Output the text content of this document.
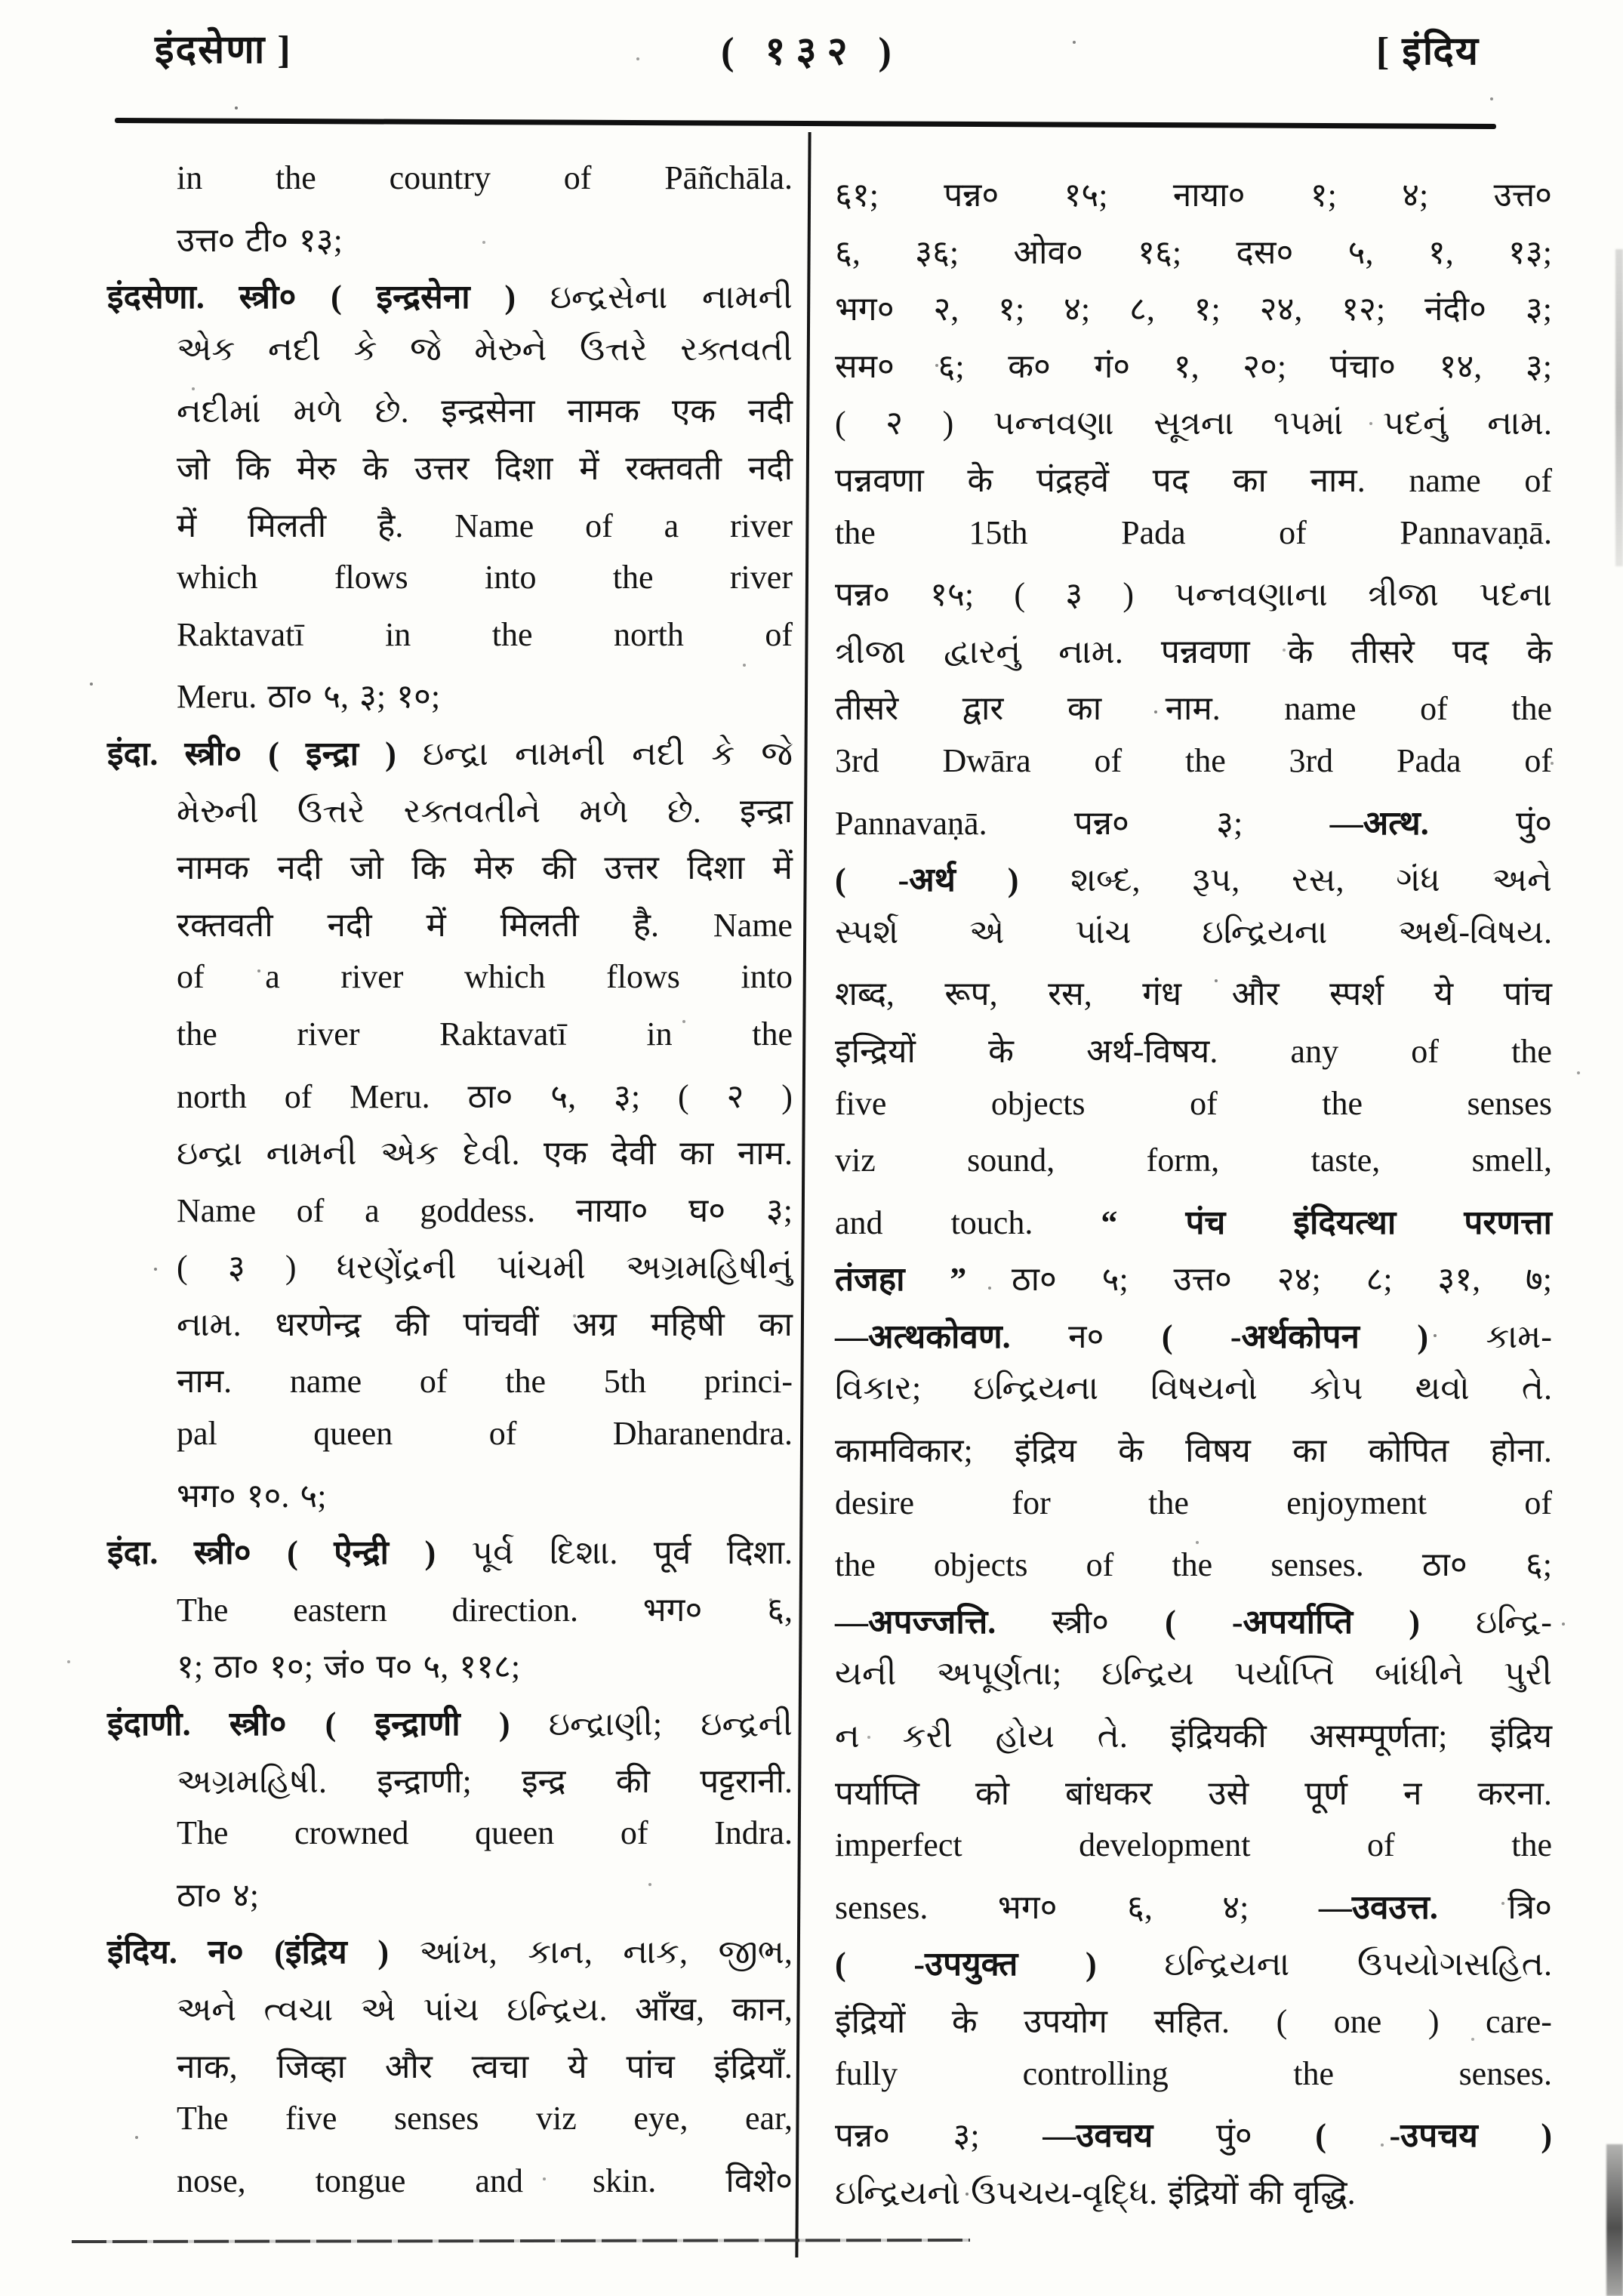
इंदसेणा ]	( १३२ )	[ इंदिय
in the country of Pāñchāla.
उत्त० टी० १३;
इंदसेणा. स्त्री० ( इन्द्रसेना ) ઇન્દ્રસેના નામની
એક નદી કે જે મેરુને ઉત્તરે રક્તવતી
નદીમાં મળે છે. इन्द्रसेना नामक एक नदी
जो कि मेरु के उत्तर दिशा में रक्तवती नदी
में मिलती है. Name of a river
which flows into the river
Raktavatī in the north of
Meru. ठा० ५, ३; १०;
इंदा. स्त्री० ( इन्द्रा ) ઇન્દ્રા નામની નદી કે જે
મેરુની ઉત્તરે રક્તવતીને મળે છે. इन्द्रा
नामक नदी जो कि मेरु की उत्तर दिशा में
रक्तवती नदी में मिलती है. Name
of a river which flows into
the river Raktavatī in the
north of Meru. ठा० ५, ३; ( २ )
ઇન્દ્રા નામની એક દેવી. एक देवी का नाम.
Name of a goddess. नाया० घ० ३;
( ३ ) ધરણેંદ્રની પાંચમી અગ્રમહિષીનું
નામ. धरणेन्द्र की पांचवीं अग्र महिषी का
नाम. name of the 5th princi-
pal	queen	of	Dharanendra.
भग० १०. ५;
इंदा. स्त्री० ( ऐन्द्री ) પૂર્વ દિશા. पूर्व दिशा.
The eastern direction. भग० ६,
१; ठा० १०; जं० प० ५, ११८;
इंदाणी. स्त्री० ( इन्द्राणी ) ઇન્દ્રાણી; ઇન્દ્રની
અગ્રમહિષી. इन्द्राणी; इन्द्र की पट्टरानी.
The crowned queen of Indra.
ठा० ४;
इंदिय. न० (इंद्रिय ) આંખ, કાન, નાક, જીભ,
અને ત્વચા એ પાંચ ઇન્દ્રિય. आँख, कान,
नाक, जिव्हा और त्वचा ये पांच इंद्रियाँ.
The five senses viz eye, ear,
nose, tongue and skin. विशे०
६१; पन्न० १५; नाया० १; ४; उत्त०
६, ३६; ओव० १६; दस० ५, १, १३;
भग० २, १; ४; ८, १; २४, १२; नंदी० ३;
सम० ६; क० गं० १, २०; पंचा० १४, ३;
( २ ) પન્નવણા સૂત્રના ૧૫માં પદનું નામ.
पन्नवणा के पंद्रहवें पद का नाम. name of
the	15th	Pada	of	Pannavaṇā.
पन्न० १५; ( ३ ) પન્નવણાના ત્રીજા પદના
ત્રીજા દ્વારનું નામ. पन्नवणा के तीसरे पद के
तीसरे द्वार का नाम. name of the
3rd Dwāra of the 3rd Pada of
Pannavaṇā.	पन्न०	३;	—अत्थ.	पुं०
( -अर्थ ) શબ્દ, રૂપ, રસ, ગંધ અને
સ્પર્શ એ પાંચ ઇન્દ્રિયના અર્થ-વિષય.
शब्द, रूप, रस, गंध और स्पर्श ये पांच
इन्द्रियों के अर्थ-विषय. any of the
five	objects	of	the	senses
viz	sound,	form,	taste,	smell,
and touch. “ पंच इंदियत्था परणत्ता
तंजहा ” ठा० ५; उत्त० २४; ८; ३१, ७;
—अत्थकोवण. न० ( -अर्थकोपन ) કામ-
વિકાર; ઇન્દ્રિયના વિષયનો કોપ થવો તે.
कामविकार; इंद्रिय के विषय का कोपित होना.
desire	for	the	enjoyment	of
the objects of the senses. ठा० ६;
—अपज्जत्ति. स्त्री० ( -अपर्याप्ति ) ઇન્દ્રિ-
યની અપૂર્ણતા; ઇન્દ્રિય પર્યાપ્તિ બાંધીને પુરી
ન કરી હોય તે. इंद्रियकी असम्पूर्णता; इंद्रिय
पर्याप्ति को बांधकर उसे पूर्ण न करना.
imperfect	development	of	the
senses. भग० ६, ४; —उवउत्त. त्रि०
( -उपयुक्त ) ઇન્દ્રિયના ઉપયોગસહિત.
इंद्रियों के उपयोग सहित. ( one ) care-
fully	controlling	the	senses.
पन्न० ३; —उवचय पुं० ( -उपचय )
ઇન્દ્રિયનો ઉપચય-વૃદ્ધિ. इंद्रियों की वृद्धि.
